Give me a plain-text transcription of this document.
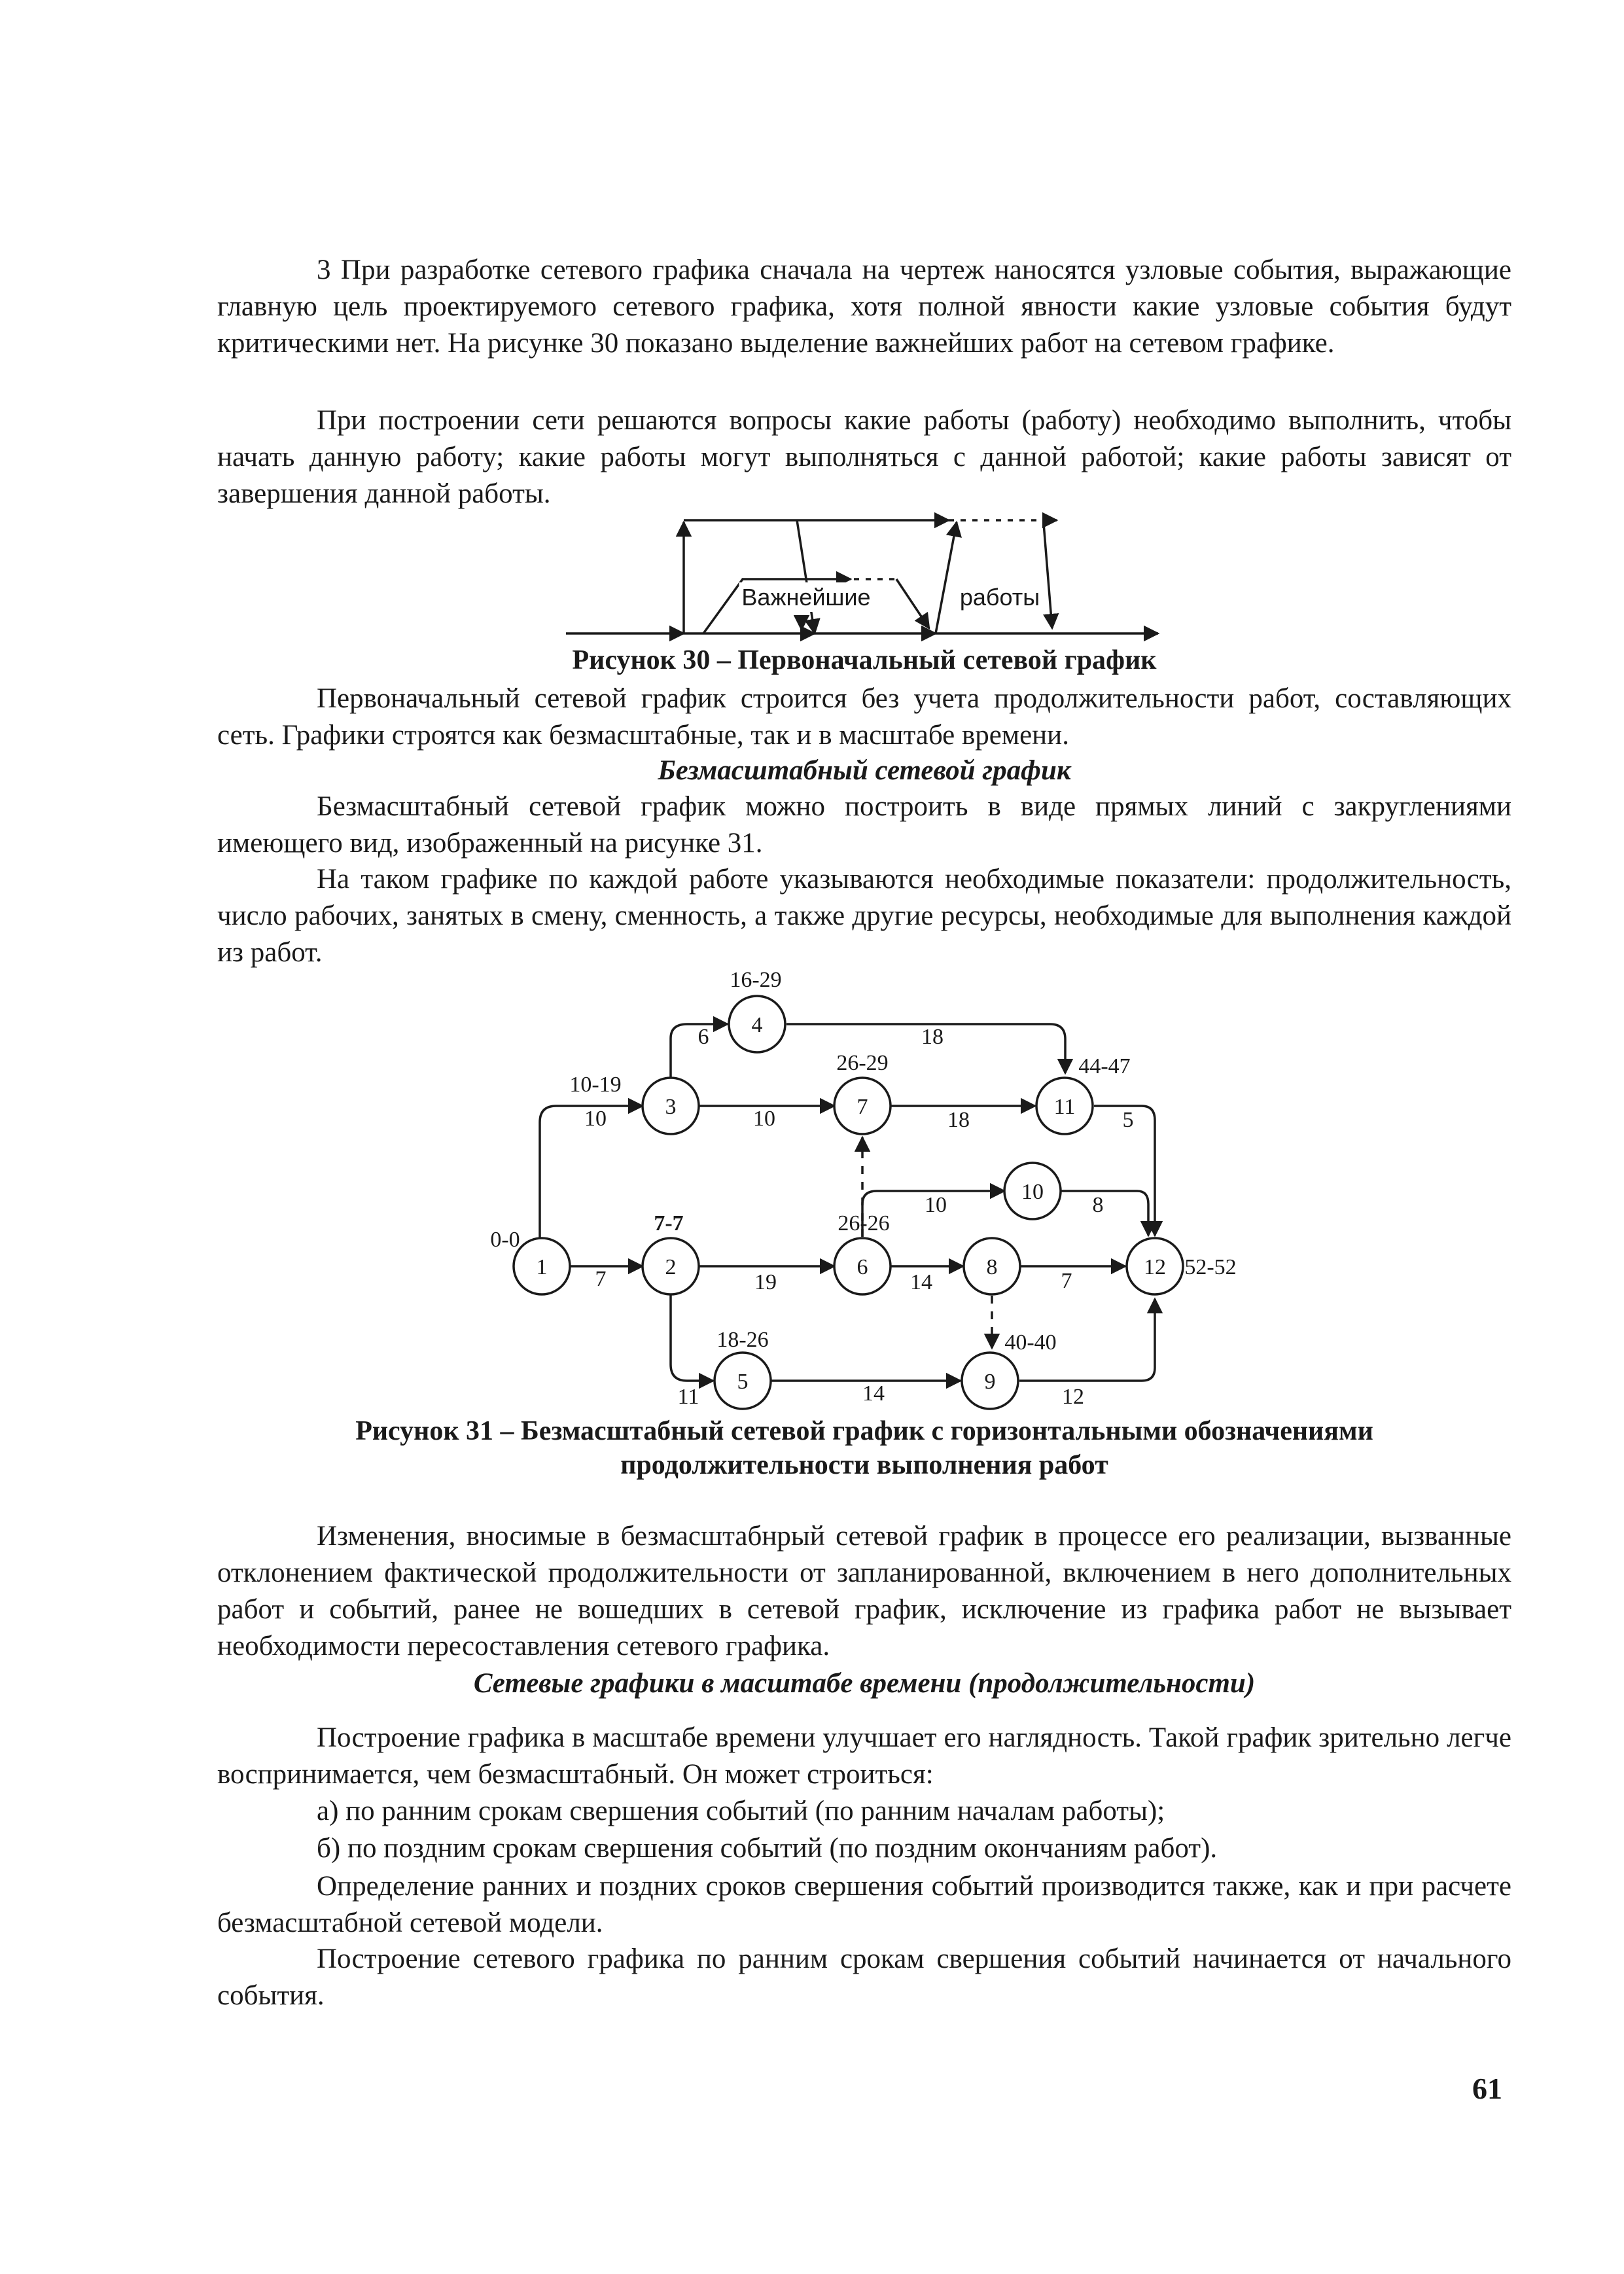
3 При разработке сетевого графика сначала на чертеж наносятся узловые события, выражающие главную цель проектируемого сетевого графика, хотя полной явности какие узловые события будут критическими нет. На рисунке 30 показано выделение важнейших работ на сетевом графике.

При построении сети решаются вопросы какие работы (работу) необходимо выполнить, чтобы начать данную работу; какие работы могут выполняться с данной работой; какие работы зависят от завершения данной работы.

Важнейшие	работы

Рисунок 30 – Первоначальный сетевой график

Первоначальный сетевой график строится без учета продолжительности работ, составляющих сеть. Графики строятся как безмасштабные, так и в масштабе времени.

Безмасштабный сетевой график

Безмасштабный сетевой график можно построить в виде прямых линий с закруглениями имеющего вид, изображенный на рисунке 31.

На таком графике по каждой работе указываются необходимые показатели: продолжительность, число рабочих, занятых в смену, сменность, а также другие ресурсы, необходимые для выполнения каждой из работ.

1	2
3
4
5
6
7
8
9
10
11
12
0-0
7-7
10-19
16-29
18-26
26-26
26-29
40-40
44-47
52-52
10
7
6
10
18
18	5
19
11
10	8
14	7
14	12

Рисунок 31 – Безмасштабный сетевой график с горизонтальными обозначениями

продолжительности выполнения работ

Изменения, вносимые в безмасштабнрый сетевой график в процессе его реализации, вызванные отклонением фактической продолжительности от запланированной, включением в него дополнительных работ и событий, ранее не вошедших в сетевой график, исключение из графика работ не вызывает необходимости пересоставления сетевого графика.

Сетевые графики в масштабе времени (продолжительности)

Построение графика в масштабе времени улучшает его наглядность. Такой график зрительно легче воспринимается, чем безмасштабный. Он может строиться:

а) по ранним срокам свершения событий (по ранним началам работы);

б) по поздним срокам свершения событий (по поздним окончаниям работ).

Определение ранних и поздних сроков свершения событий производится также, как и при расчете безмасштабной сетевой модели.

Построение сетевого графика по ранним срокам свершения событий начинается от начального события.

61
